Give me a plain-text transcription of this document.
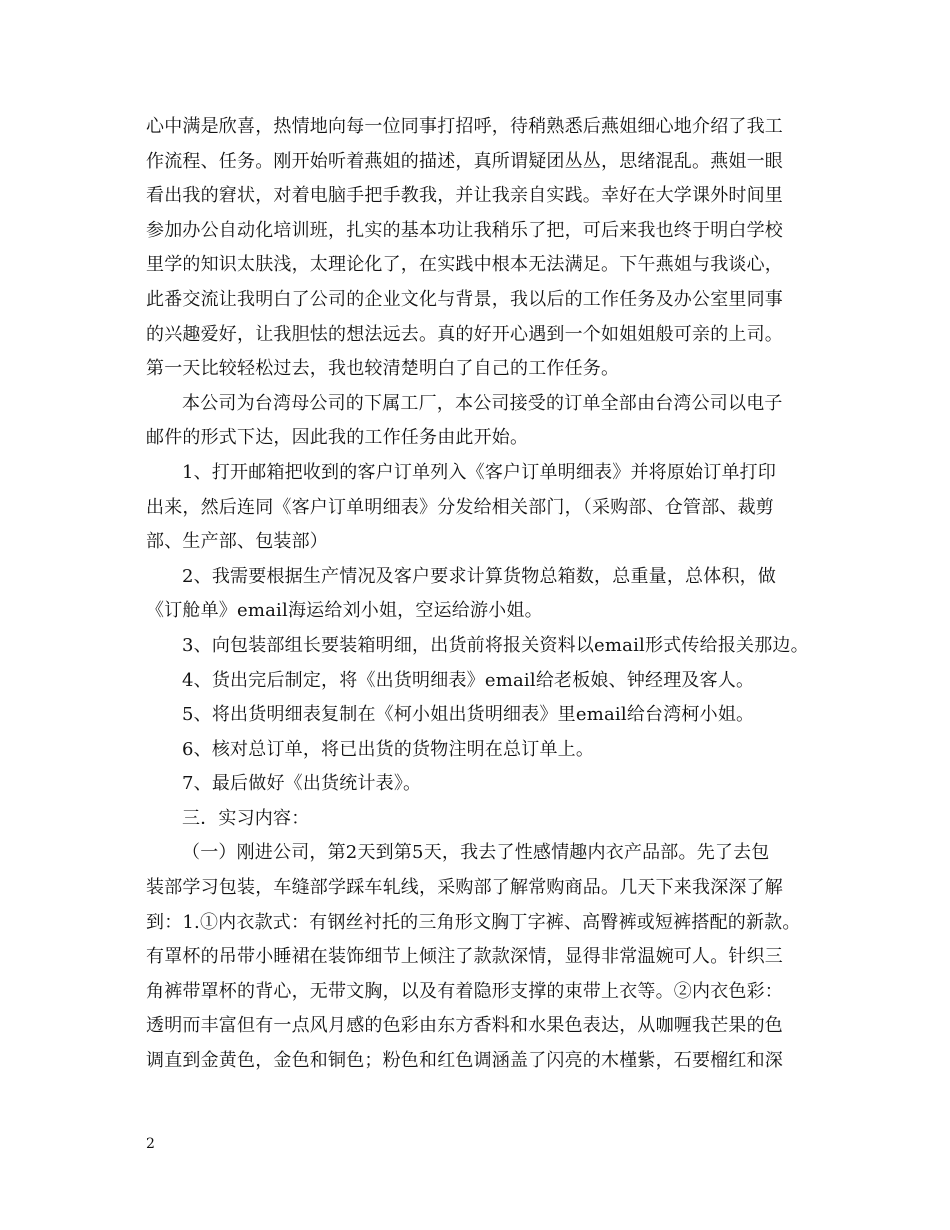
心中满是欣喜，热情地向每一位同事打招呼，待稍熟悉后燕姐细心地介绍了我工
作流程、任务。刚开始听着燕姐的描述，真所谓疑团丛丛，思绪混乱。燕姐一眼
看出我的窘状，对着电脑手把手教我，并让我亲自实践。幸好在大学课外时间里
参加办公自动化培训班，扎实的基本功让我稍乐了把，可后来我也终于明白学校
里学的知识太肤浅，太理论化了，在实践中根本无法满足。下午燕姐与我谈心，
此番交流让我明白了公司的企业文化与背景，我以后的工作任务及办公室里同事
的兴趣爱好，让我胆怯的想法远去。真的好开心遇到一个如姐姐般可亲的上司。
第一天比较轻松过去，我也较清楚明白了自己的工作任务。
本公司为台湾母公司的下属工厂，本公司接受的订单全部由台湾公司以电子
邮件的形式下达，因此我的工作任务由此开始。
1、打开邮箱把收到的客户订单列入《客户订单明细表》并将原始订单打印
出来，然后连同《客户订单明细表》分发给相关部门，（采购部、仓管部、裁剪
部、生产部、包装部）
2、我需要根据生产情况及客户要求计算货物总箱数，总重量，总体积，做
《订舱单》email海运给刘小姐，空运给游小姐。
3、向包装部组长要装箱明细，出货前将报关资料以email形式传给报关那边。
4、货出完后制定，将《出货明细表》email给老板娘、钟经理及客人。
5、将出货明细表复制在《柯小姐出货明细表》里email给台湾柯小姐。
6、核对总订单，将已出货的货物注明在总订单上。
7、最后做好《出货统计表》。
三．实习内容：
（一）刚进公司，第2天到第5天，我去了性感情趣内衣产品部。先了去包
装部学习包装，车缝部学踩车轧线，采购部了解常购商品。几天下来我深深了解
到：1.①内衣款式：有钢丝衬托的三角形文胸丁字裤、高臀裤或短裤搭配的新款。
有罩杯的吊带小睡裙在装饰细节上倾注了款款深情，显得非常温婉可人。针织三
角裤带罩杯的背心，无带文胸，以及有着隐形支撑的束带上衣等。②内衣色彩：
透明而丰富但有一点风月感的色彩由东方香料和水果色表达，从咖喱我芒果的色
调直到金黄色，金色和铜色；粉色和红色调涵盖了闪亮的木槿紫，石要榴红和深
2
